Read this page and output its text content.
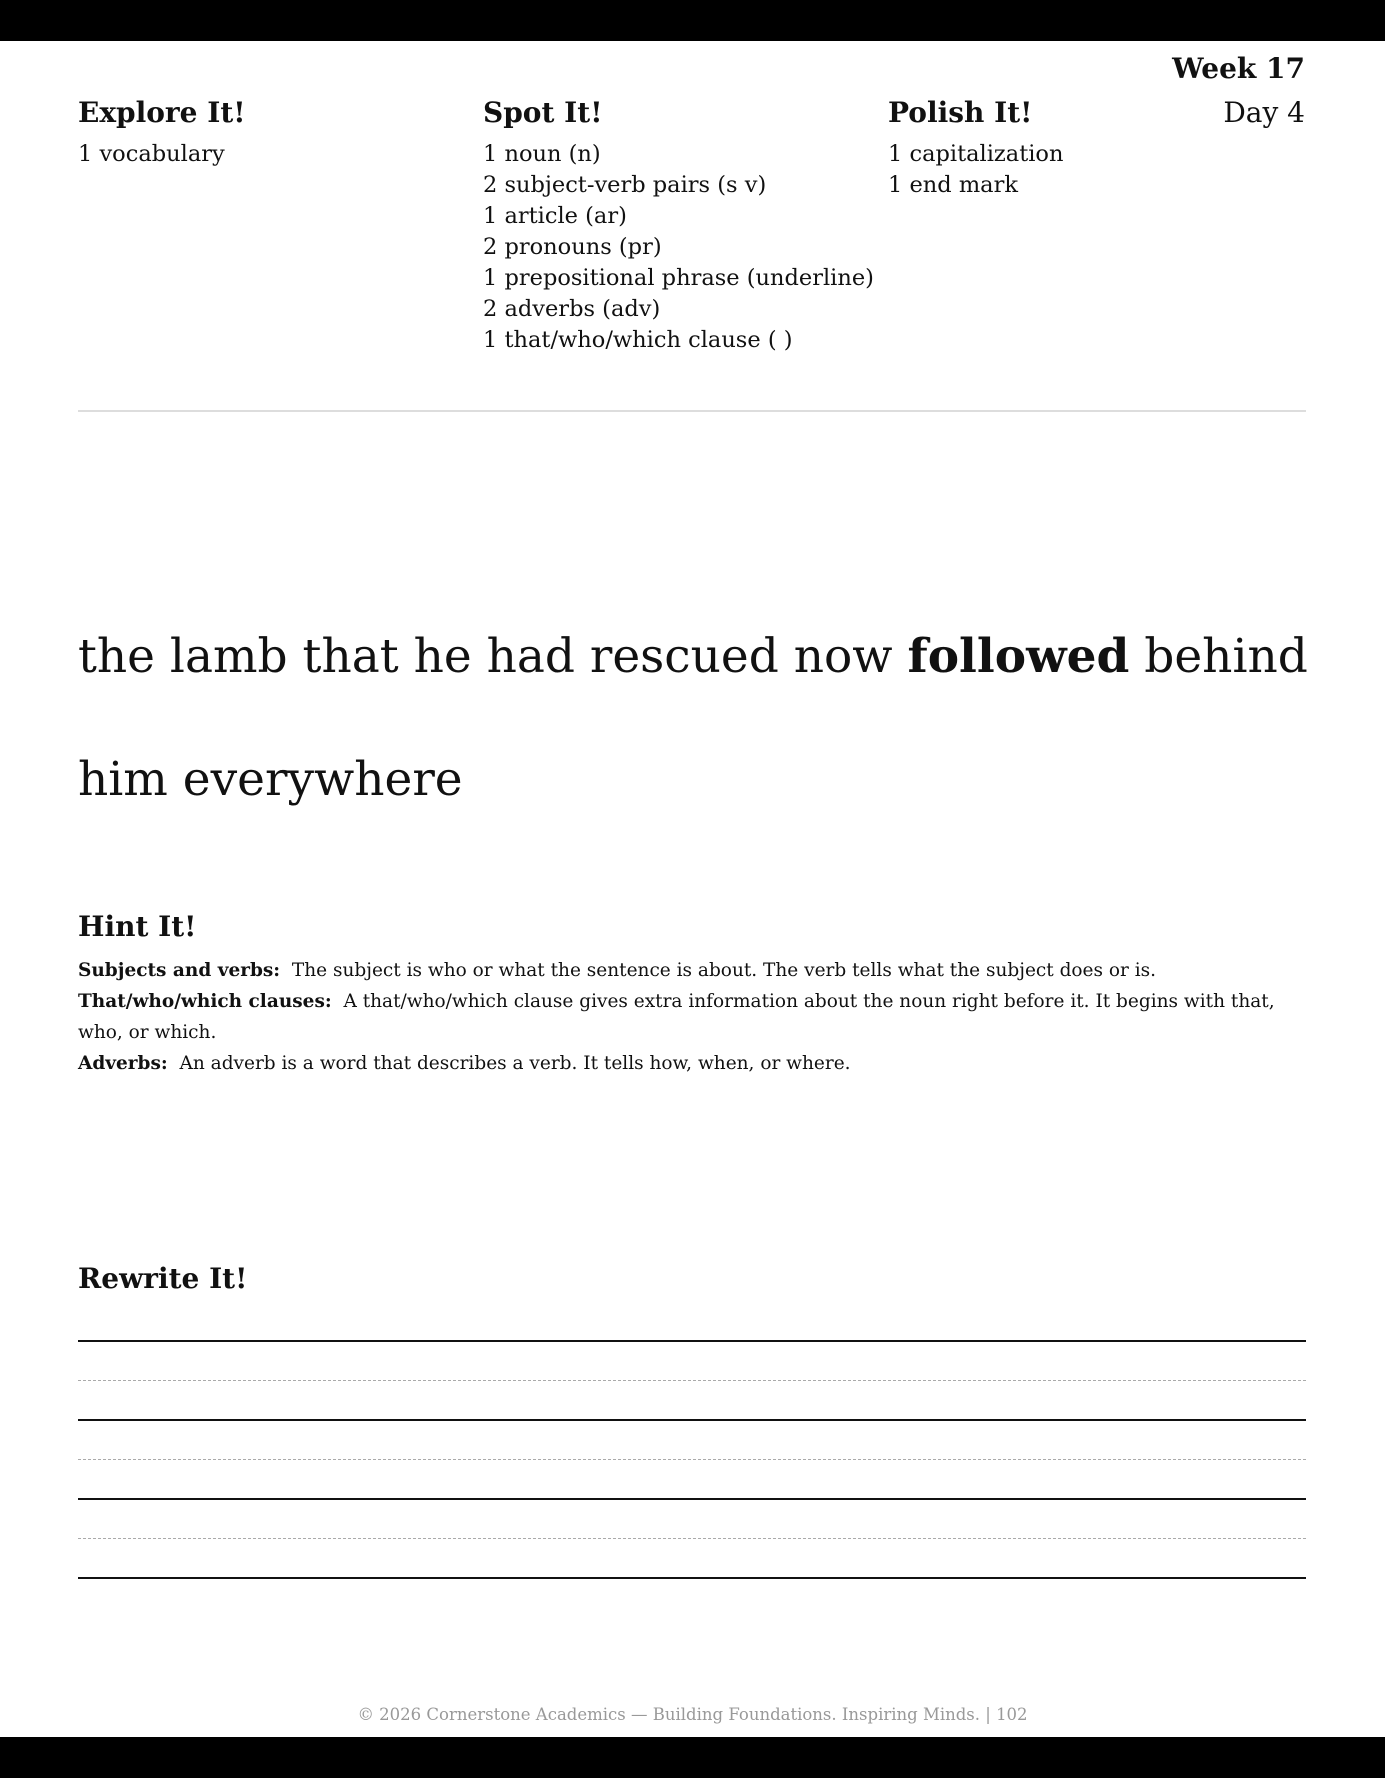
Week 17
Day 4
Explore It!
1 vocabulary
Spot It!
1 noun (n)
2 subject-verb pairs (s v)
1 article (ar)
2 pronouns (pr)
1 prepositional phrase (underline)
2 adverbs (adv)
1 that/who/which clause ( )
Polish It!
1 capitalization
1 end mark
the lamb that he had rescued now followed behind him everywhere
Hint It!

Subjects and verbs: The subject is who or what the sentence is about. The verb tells what the subject does or is.

That/who/which clauses: A that/who/which clause gives extra information about the noun right before it. It begins with that, who, or which.

Adverbs: An adverb is a word that describes a verb. It tells how, when, or where.

Rewrite It!
© 2026 Cornerstone Academics — Building Foundations. Inspiring Minds. | 102
